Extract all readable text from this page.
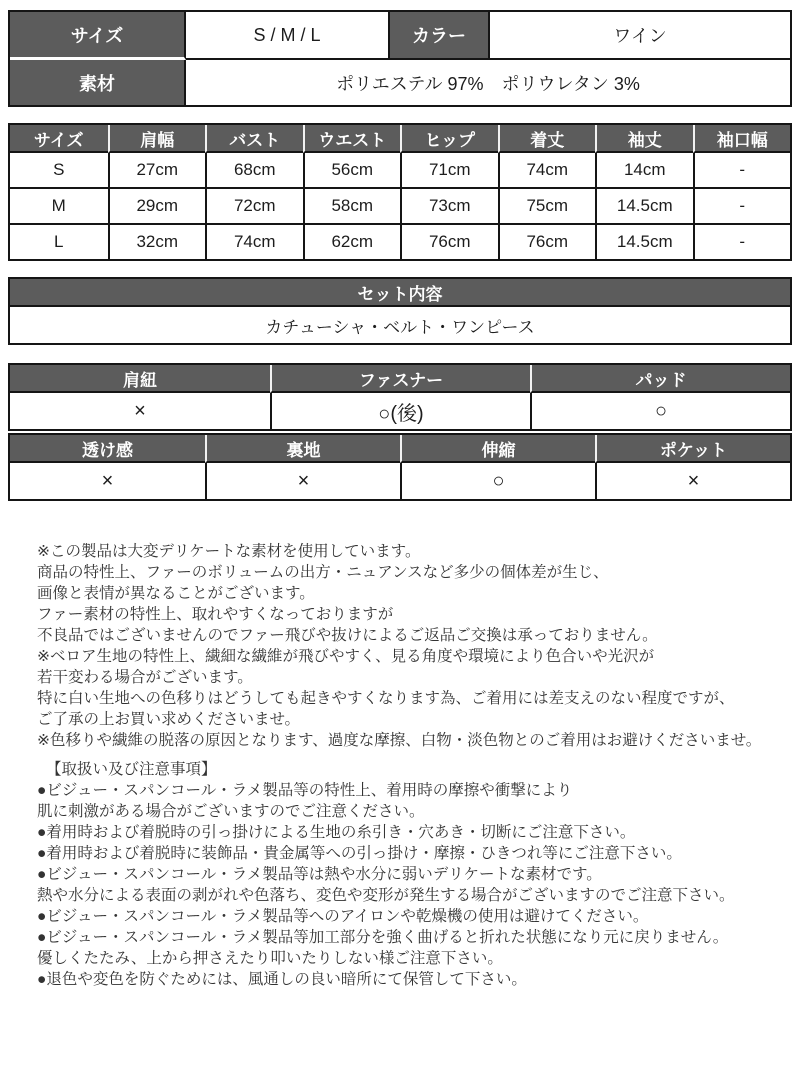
サイズ	S / M / L	カラー	ワイン
素材	ポリエステル 97%　ポリウレタン 3%		
サイズ	肩幅	バスト	ウエスト	ヒップ	着丈	袖丈	袖口幅
S	27cm	68cm	56cm	71cm	74cm	14cm	-
M	29cm	72cm	58cm	73cm	75cm	14.5cm	-
L	32cm	74cm	62cm	76cm	76cm	14.5cm	-
セット内容
カチューシャ・ベルト・ワンピース
肩紐	ファスナー	パッド
×	○(後)	○
透け感	裏地	伸縮	ポケット
×	×	○	×
※この製品は大変デリケートな素材を使用しています。
商品の特性上、ファーのボリュームの出方・ニュアンスなど多少の個体差が生じ、
画像と表情が異なることがございます。
ファー素材の特性上、取れやすくなっておりますが
不良品ではございませんのでファー飛びや抜けによるご返品ご交換は承っておりません。
※ベロア生地の特性上、繊細な繊維が飛びやすく、見る角度や環境により色合いや光沢が
若干変わる場合がございます。
特に白い生地への色移りはどうしても起きやすくなります為、ご着用には差支えのない程度ですが、
ご了承の上お買い求めくださいませ。
※色移りや繊維の脱落の原因となります、過度な摩擦、白物・淡色物とのご着用はお避けくださいませ。
【取扱い及び注意事項】
●ビジュー・スパンコール・ラメ製品等の特性上、着用時の摩擦や衝撃により
肌に刺激がある場合がございますのでご注意ください。
●着用時および着脱時の引っ掛けによる生地の糸引き・穴あき・切断にご注意下さい。
●着用時および着脱時に装飾品・貴金属等への引っ掛け・摩擦・ひきつれ等にご注意下さい。
●ビジュー・スパンコール・ラメ製品等は熱や水分に弱いデリケートな素材です。
熱や水分による表面の剥がれや色落ち、変色や変形が発生する場合がございますのでご注意下さい。
●ビジュー・スパンコール・ラメ製品等へのアイロンや乾燥機の使用は避けてください。
●ビジュー・スパンコール・ラメ製品等加工部分を強く曲げると折れた状態になり元に戻りません。
優しくたたみ、上から押さえたり叩いたりしない様ご注意下さい。
●退色や変色を防ぐためには、風通しの良い暗所にて保管して下さい。
